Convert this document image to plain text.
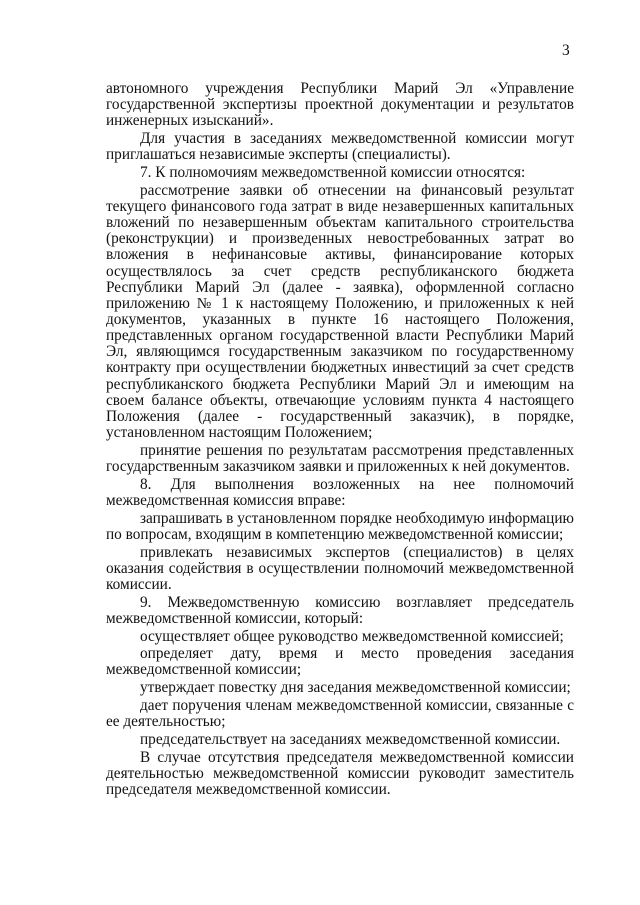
3

автономного учреждения Республики Марий Эл «Управление государственной экспертизы проектной документации и результатов инженерных изысканий».

Для участия в заседаниях межведомственной комиссии могут приглашаться независимые эксперты (специалисты).

7. К полномочиям межведомственной комиссии относятся:

рассмотрение заявки об отнесении на финансовый результат текущего финансового года затрат в виде незавершенных капитальных вложений по незавершенным объектам капитального строительства (реконструкции) и произведенных невостребованных затрат во вложения в нефинансовые активы, финансирование которых осуществлялось за счет средств республиканского бюджета Республики Марий Эл (далее - заявка), оформленной согласно приложению № 1 к настоящему Положению, и приложенных к ней документов, указанных в пункте 16 настоящего Положения, представленных органом государственной власти Республики Марий Эл, являющимся государственным заказчиком по государственному контракту при осуществлении бюджетных инвестиций за счет средств республиканского бюджета Республики Марий Эл и имеющим на своем балансе объекты, отвечающие условиям пункта 4 настоящего Положения (далее - государственный заказчик), в порядке, установленном настоящим Положением;

принятие решения по результатам рассмотрения представленных государственным заказчиком заявки и приложенных к ней документов.

8. Для выполнения возложенных на нее полномочий межведомственная комиссия вправе:

запрашивать в установленном порядке необходимую информацию по вопросам, входящим в компетенцию межведомственной комиссии;

привлекать независимых экспертов (специалистов) в целях оказания содействия в осуществлении полномочий межведомственной комиссии.

9. Межведомственную комиссию возглавляет председатель межведомственной комиссии, который:

осуществляет общее руководство межведомственной комиссией;

определяет дату, время и место проведения заседания межведомственной комиссии;

утверждает повестку дня заседания межведомственной комиссии;

дает поручения членам межведомственной комиссии, связанные с ее деятельностью;

председательствует на заседаниях межведомственной комиссии.

В случае отсутствия председателя межведомственной комиссии деятельностью межведомственной комиссии руководит заместитель председателя межведомственной комиссии.
